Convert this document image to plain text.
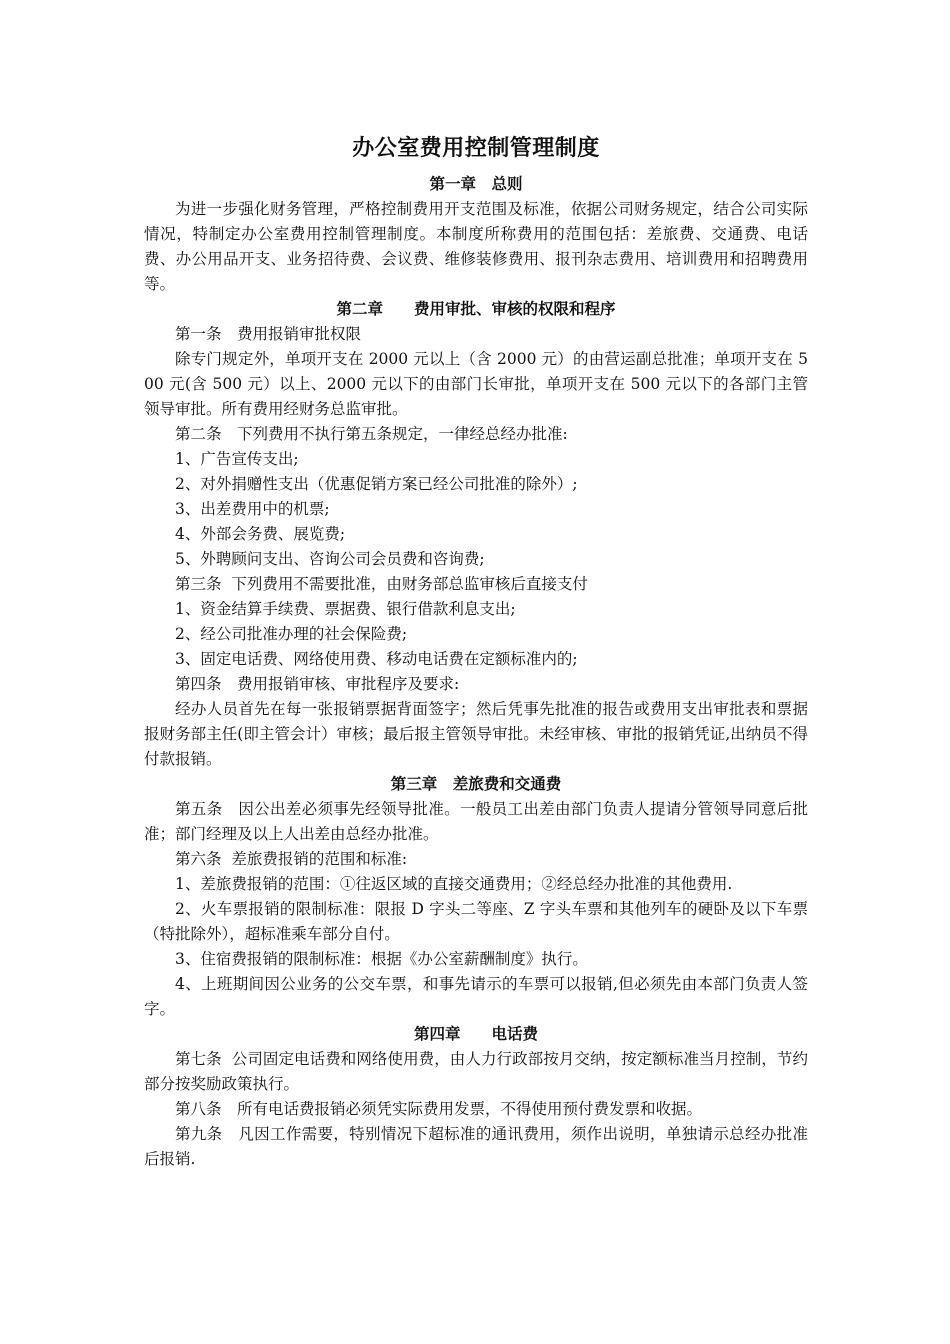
办公室费用控制管理制度
第一章　总则

为进一步强化财务管理，严格控制费用开支范围及标准，依据公司财务规定，结合公司实际情况，特制定办公室费用控制管理制度。本制度所称费用的范围包括：差旅费、交通费、电话费、办公用品开支、业务招待费、会议费、维修装修费用、报刊杂志费用、培训费用和招聘费用等。

第二章　　费用审批、审核的权限和程序

第一条　费用报销审批权限

除专门规定外，单项开支在 2000 元以上（含 2000 元）的由营运副总批准；单项开支在 500 元(含 500 元）以上、2000 元以下的由部门长审批，单项开支在 500 元以下的各部门主管领导审批。所有费用经财务总监审批。

第二条　下列费用不执行第五条规定，一律经总经办批准:

1、广告宣传支出;

2、对外捐赠性支出（优惠促销方案已经公司批准的除外）;

3、出差费用中的机票;

4、外部会务费、展览费;

5、外聘顾问支出、咨询公司会员费和咨询费;

第三条  下列费用不需要批准，由财务部总监审核后直接支付

1、资金结算手续费、票据费、银行借款利息支出;

2、经公司批准办理的社会保险费;

3、固定电话费、网络使用费、移动电话费在定额标准内的;

第四条　费用报销审核、审批程序及要求:

经办人员首先在每一张报销票据背面签字；然后凭事先批准的报告或费用支出审批表和票据报财务部主任(即主管会计）审核；最后报主管领导审批。未经审核、审批的报销凭证,出纳员不得付款报销。

第三章　差旅费和交通费

第五条　因公出差必须事先经领导批准。一般员工出差由部门负责人提请分管领导同意后批准；部门经理及以上人出差由总经办批准。

第六条  差旅费报销的范围和标准:

1、差旅费报销的范围：①往返区域的直接交通费用；②经总经办批准的其他费用.

2、火车票报销的限制标准：限报 D 字头二等座、Z 字头车票和其他列车的硬卧及以下车票（特批除外），超标准乘车部分自付。

3、住宿费报销的限制标准：根据《办公室薪酬制度》执行。

4、上班期间因公业务的公交车票，和事先请示的车票可以报销,但必须先由本部门负责人签字。

第四章　　电话费

第七条  公司固定电话费和网络使用费，由人力行政部按月交纳，按定额标准当月控制，节约部分按奖励政策执行。

第八条　所有电话费报销必须凭实际费用发票，不得使用预付费发票和收据。

第九条　凡因工作需要，特别情况下超标准的通讯费用，须作出说明，单独请示总经办批准后报销.
